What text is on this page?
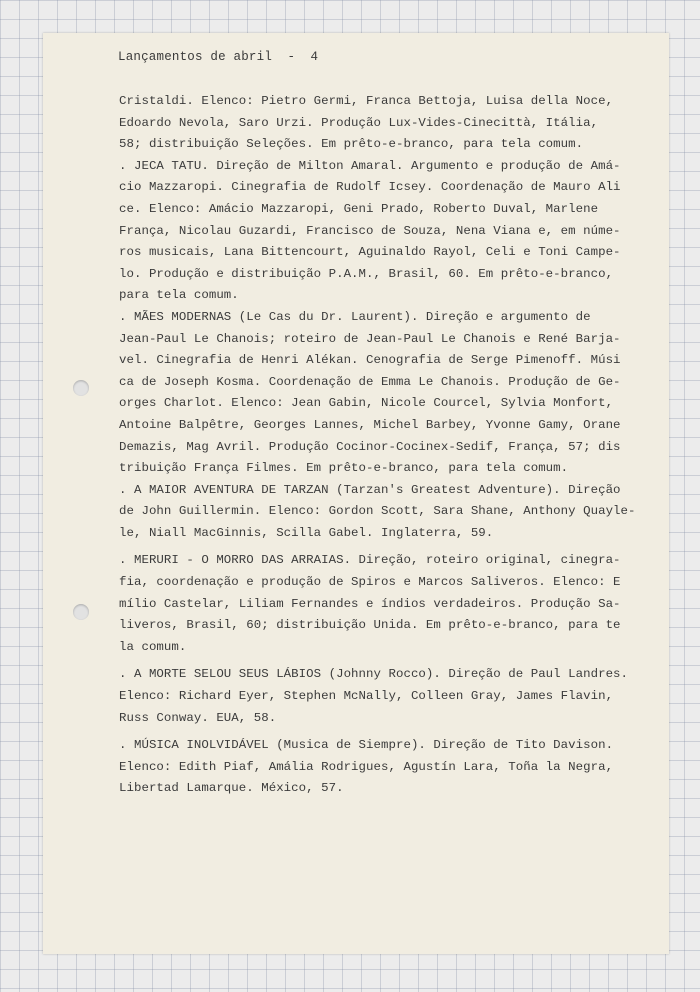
Lançamentos de abril - 4
Cristaldi. Elenco: Pietro Germi, Franca Bettoja, Luisa della Noce,
Edoardo Nevola, Saro Urzi. Produção Lux-Vides-Cinecittà, Itália,
58; distribuição Seleções. Em prêto-e-branco, para tela comum.
. JECA TATU. Direção de Milton Amaral. Argumento e produção de Amá-
cio Mazzaropi. Cinegrafia de Rudolf Icsey. Coordenação de Mauro Ali
ce. Elenco: Amácio Mazzaropi, Geni Prado, Roberto Duval, Marlene
França, Nicolau Guzardi, Francisco de Souza, Nena Viana e, em núme-
ros musicais, Lana Bittencourt, Aguinaldo Rayol, Celi e Toni Campe-
lo. Produção e distribuição P.A.M., Brasil, 60. Em prêto-e-branco,
para tela comum.
. MÃES MODERNAS (Le Cas du Dr. Laurent). Direção e argumento de
Jean-Paul Le Chanois; roteiro de Jean-Paul Le Chanois e René Barja-
vel. Cinegrafia de Henri Alékan. Cenografia de Serge Pimenoff. Músi
ca de Joseph Kosma. Coordenação de Emma Le Chanois. Produção de Ge-
orges Charlot. Elenco: Jean Gabin, Nicole Courcel, Sylvia Monfort,
Antoine Balpêtre, Georges Lannes, Michel Barbey, Yvonne Gamy, Orane
Demazis, Mag Avril. Produção Cocinor-Cocinex-Sedif, França, 57; dis
tribuição França Filmes. Em prêto-e-branco, para tela comum.
. A MAIOR AVENTURA DE TARZAN (Tarzan's Greatest Adventure). Direção
de John Guillermin. Elenco: Gordon Scott, Sara Shane, Anthony Quayle-
le, Niall MacGinnis, Scilla Gabel. Inglaterra, 59.
. MERURI - O MORRO DAS ARRAIAS. Direção, roteiro original, cinegra-
fia, coordenação e produção de Spiros e Marcos Saliveros. Elenco: E
mílio Castelar, Liliam Fernandes e índios verdadeiros. Produção Sa-
liveros, Brasil, 60; distribuição Unida. Em prêto-e-branco, para te
la comum.
. A MORTE SELOU SEUS LÁBIOS (Johnny Rocco). Direção de Paul Landres.
Elenco: Richard Eyer, Stephen McNally, Colleen Gray, James Flavin,
Russ Conway. EUA, 58.
. MÚSICA INOLVIDÁVEL (Musica de Siempre). Direção de Tito Davison.
Elenco: Edith Piaf, Amália Rodrigues, Agustín Lara, Toña la Negra,
Libertad Lamarque. México, 57.
